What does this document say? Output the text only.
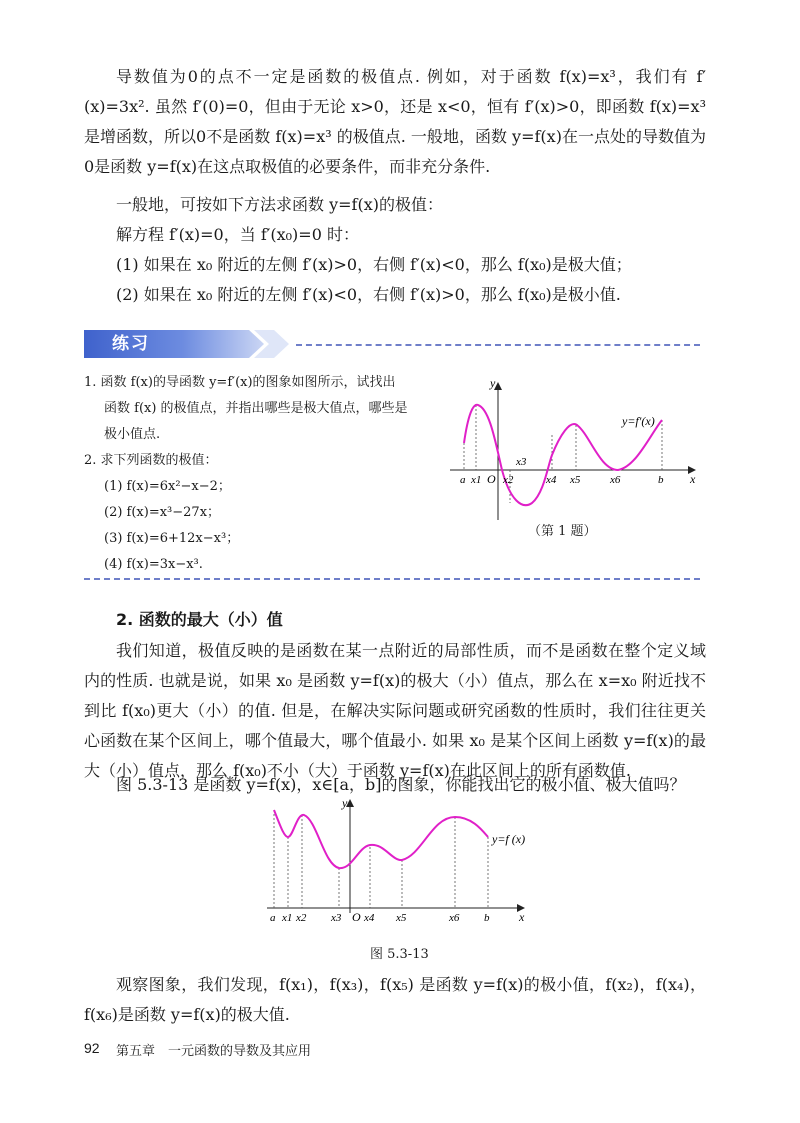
导数值为0的点不一定是函数的极值点. 例如，对于函数 f(x)=x³，我们有 f′(x)=3x². 虽然 f′(0)=0，但由于无论 x>0，还是 x<0，恒有 f′(x)>0，即函数 f(x)=x³ 是增函数，所以0不是函数 f(x)=x³ 的极值点. 一般地，函数 y=f(x)在一点处的导数值为0是函数 y=f(x)在这点取极值的必要条件，而非充分条件.
一般地，可按如下方法求函数 y=f(x)的极值：
解方程 f′(x)=0，当 f′(x₀)=0 时：
(1) 如果在 x₀ 附近的左侧 f′(x)>0，右侧 f′(x)<0，那么 f(x₀)是极大值；
(2) 如果在 x₀ 附近的左侧 f′(x)<0，右侧 f′(x)>0，那么 f(x₀)是极小值.
练习
1. 函数 f(x)的导函数 y=f′(x)的图象如图所示，试找出
函数 f(x) 的极值点，并指出哪些是极大值点，哪些是
极小值点.
2. 求下列函数的极值：
(1) f(x)=6x²−x−2；
(2) f(x)=x³−27x；
(3) f(x)=6+12x−x³；
(4) f(x)=3x−x³.
y=f′(x)
y
x
O
a x1 x2
x3
x4 x5	x6	b
（第 1 题）
2. 函数的最大（小）值
我们知道，极值反映的是函数在某一点附近的局部性质，而不是函数在整个定义域内的性质. 也就是说，如果 x₀ 是函数 y=f(x)的极大（小）值点，那么在 x=x₀ 附近找不到比 f(x₀)更大（小）的值. 但是，在解决实际问题或研究函数的性质时，我们往往更关心函数在某个区间上，哪个值最大，哪个值最小. 如果 x₀ 是某个区间上函数 y=f(x)的最大（小）值点，那么 f(x₀)不小（大）于函数 y=f(x)在此区间上的所有函数值.
图 5.3-13 是函数 y=f(x)，x∈[a，b]的图象，你能找出它的极小值、极大值吗？
y=f (x)
y
x
O
a x1 x2 x3 x4 x5	x6 b
图 5.3-13
观察图象，我们发现，f(x₁)，f(x₃)，f(x₅) 是函数 y=f(x)的极小值，f(x₂)，f(x₄)，f(x₆)是函数 y=f(x)的极大值.
92 第五章　一元函数的导数及其应用
